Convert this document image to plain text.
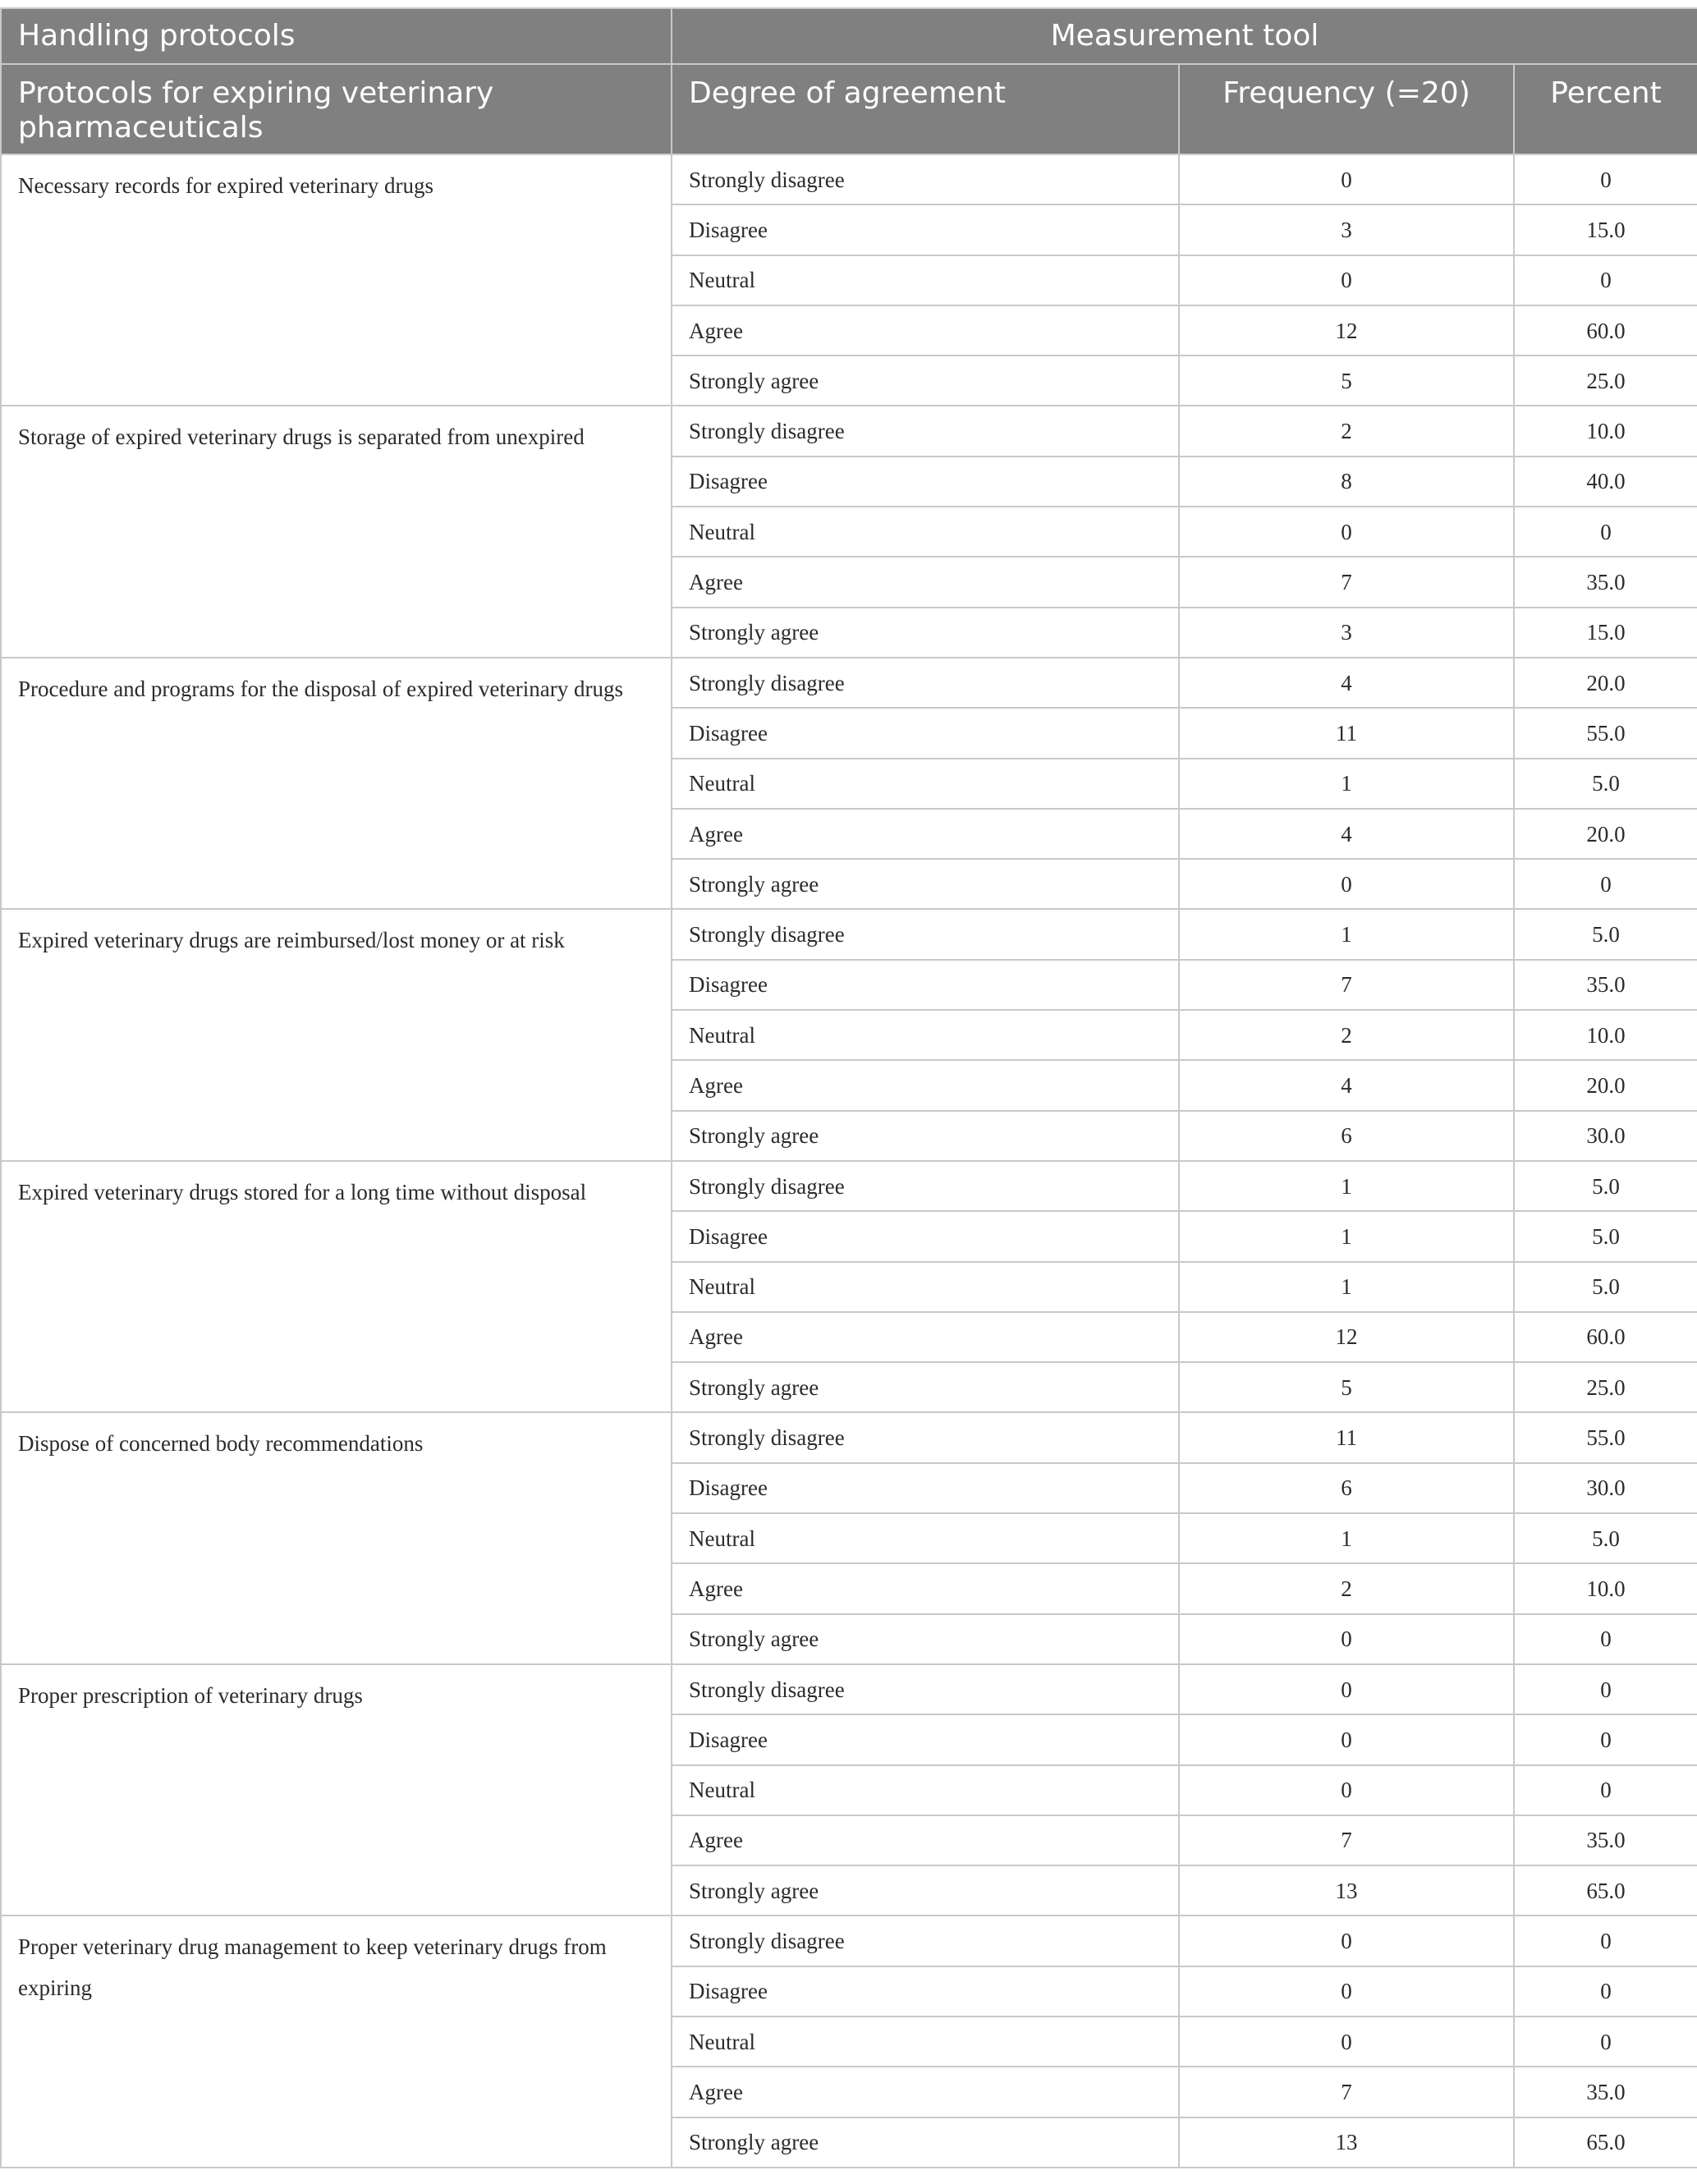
Handling protocols	Measurement tool		
Protocols for expiring veterinary pharmaceuticals	Degree of agreement	Frequency (=20)	Percent
Necessary records for expired veterinary drugs	Strongly disagree	0	0
	Disagree	3	15.0
	Neutral	0	0
	Agree	12	60.0
	Strongly agree	5	25.0
Storage of expired veterinary drugs is separated from unexpired	Strongly disagree	2	10.0
	Disagree	8	40.0
	Neutral	0	0
	Agree	7	35.0
	Strongly agree	3	15.0
Procedure and programs for the disposal of expired veterinary drugs	Strongly disagree	4	20.0
	Disagree	11	55.0
	Neutral	1	5.0
	Agree	4	20.0
	Strongly agree	0	0
Expired veterinary drugs are reimbursed/lost money or at risk	Strongly disagree	1	5.0
	Disagree	7	35.0
	Neutral	2	10.0
	Agree	4	20.0
	Strongly agree	6	30.0
Expired veterinary drugs stored for a long time without disposal	Strongly disagree	1	5.0
	Disagree	1	5.0
	Neutral	1	5.0
	Agree	12	60.0
	Strongly agree	5	25.0
Dispose of concerned body recommendations	Strongly disagree	11	55.0
	Disagree	6	30.0
	Neutral	1	5.0
	Agree	2	10.0
	Strongly agree	0	0
Proper prescription of veterinary drugs	Strongly disagree	0	0
	Disagree	0	0
	Neutral	0	0
	Agree	7	35.0
	Strongly agree	13	65.0
Proper veterinary drug management to keep veterinary drugs from expiring	Strongly disagree	0	0
	Disagree	0	0
	Neutral	0	0
	Agree	7	35.0
	Strongly agree	13	65.0
